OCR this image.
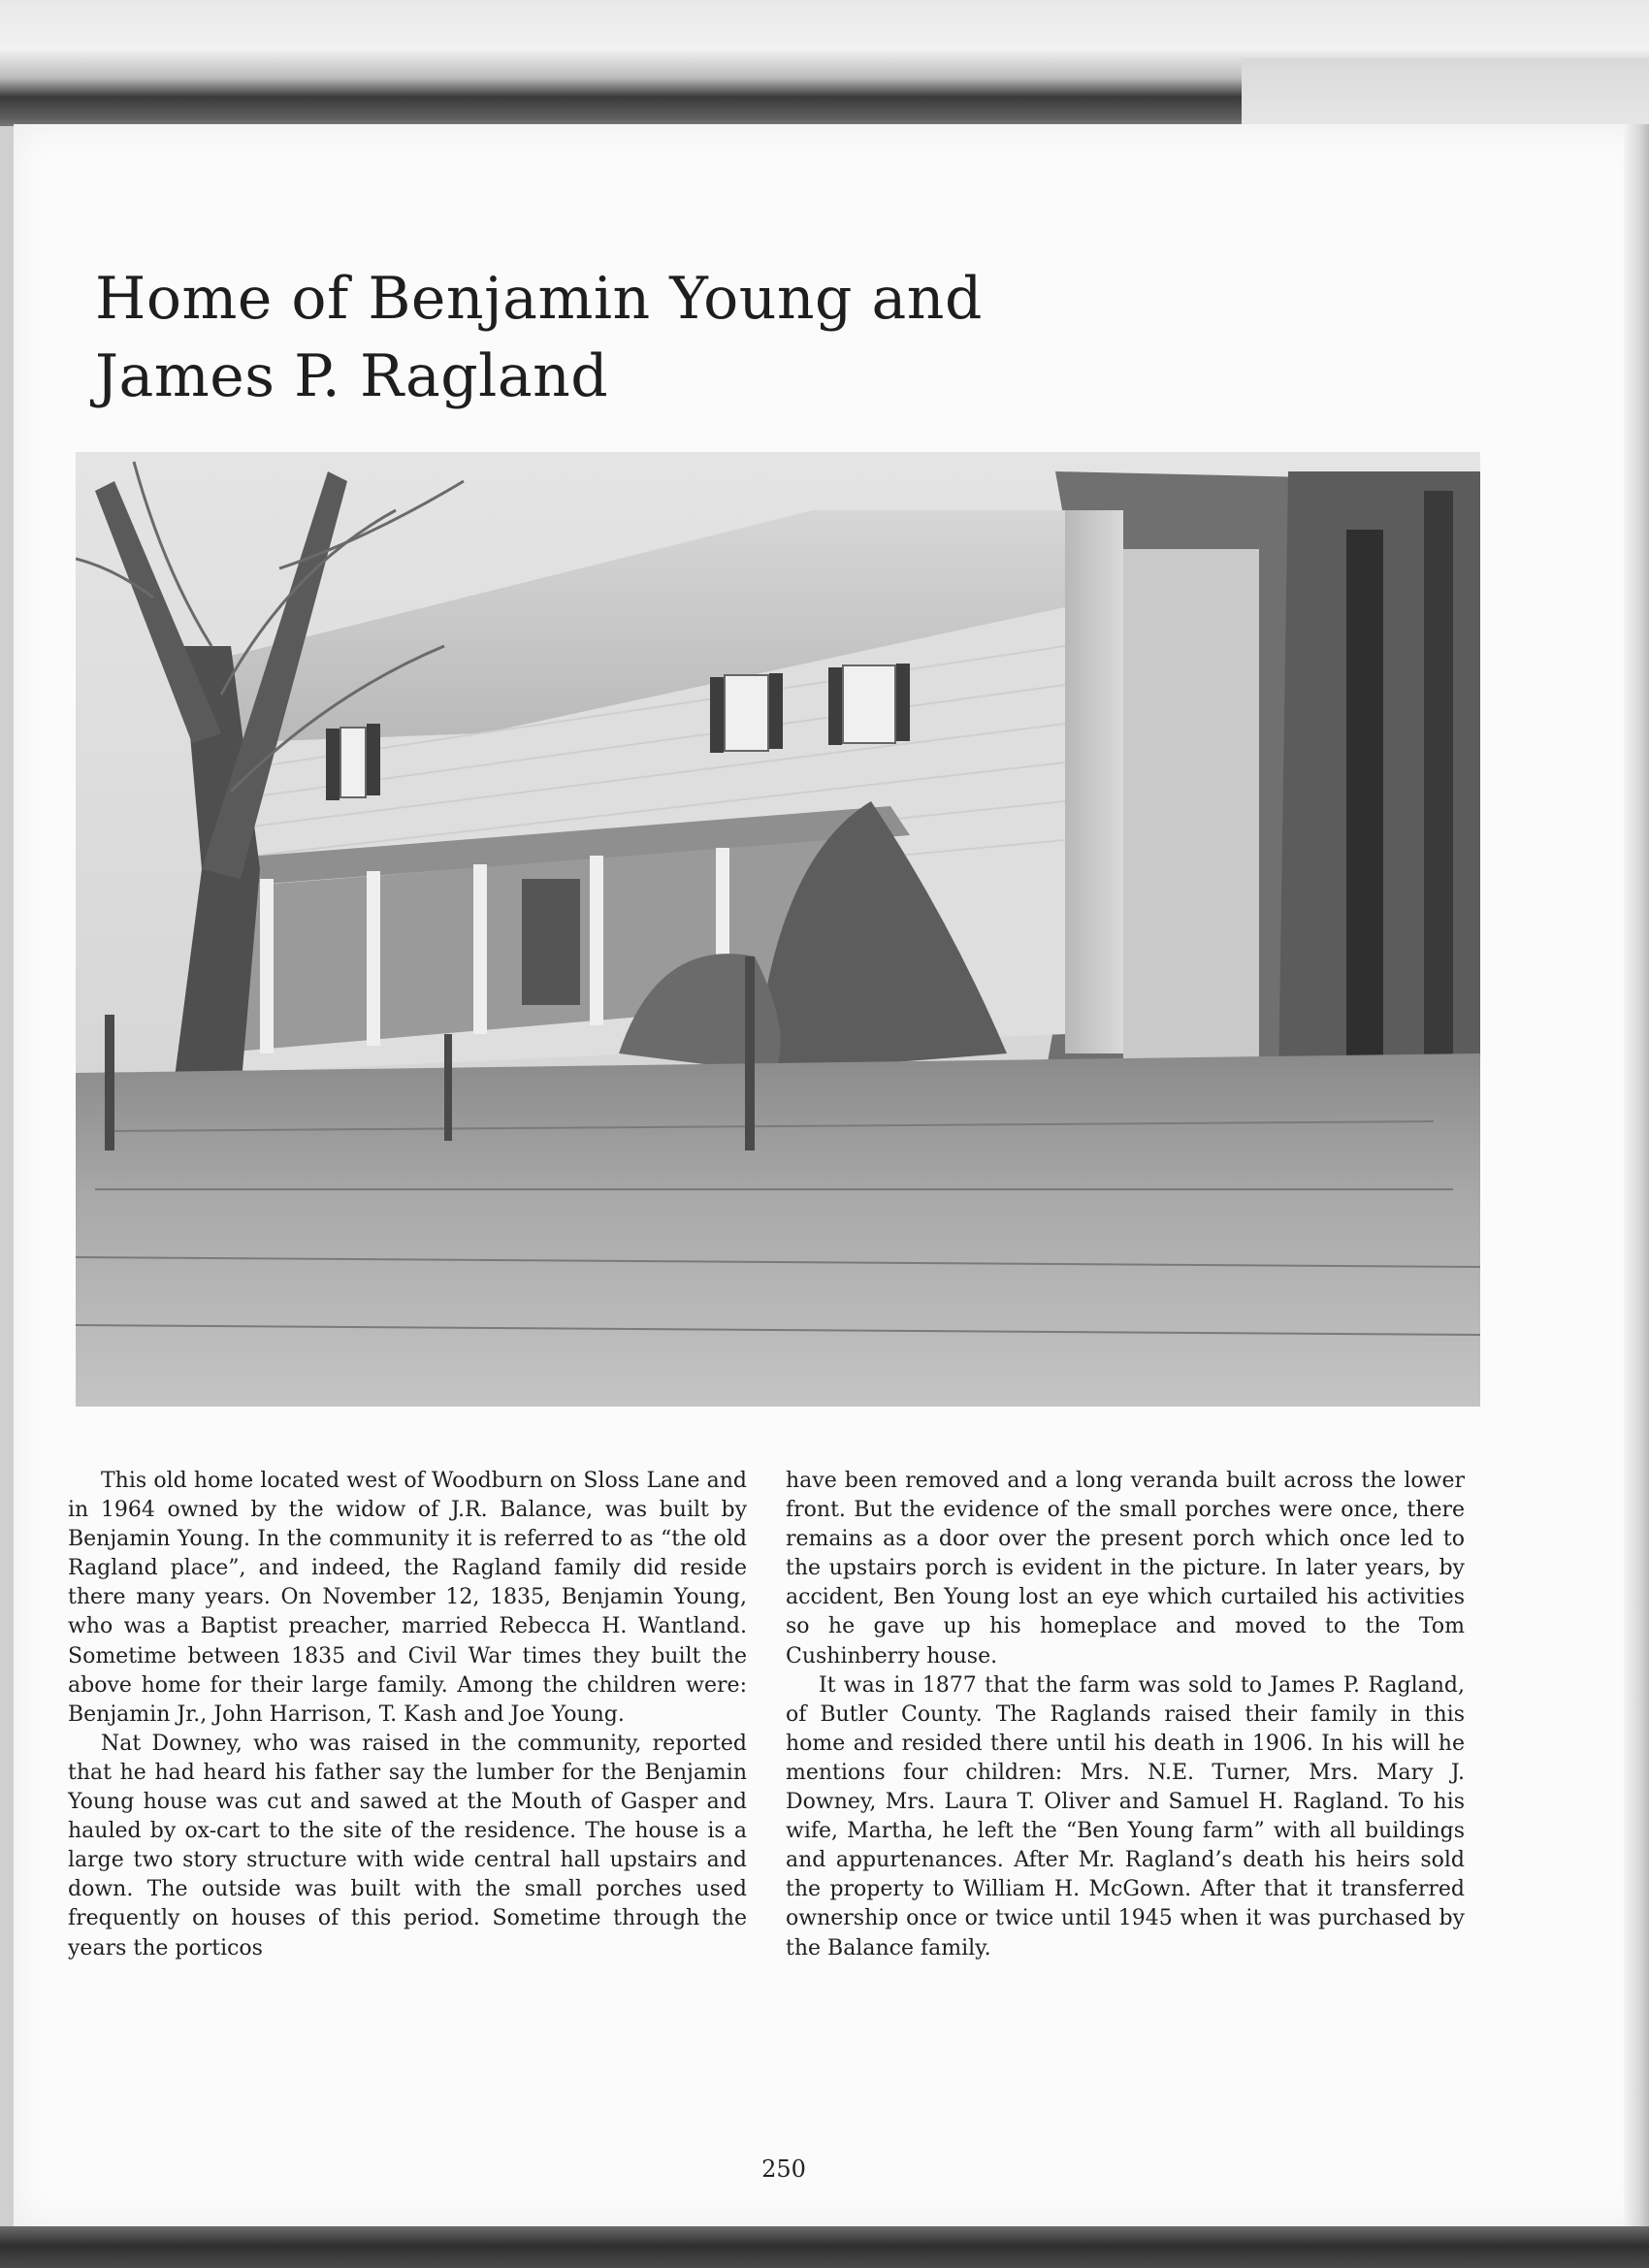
Home of Benjamin Young and
James P. Ragland

This old home located west of Woodburn on Sloss Lane and in 1964 owned by the widow of J.R. Balance, was built by Benjamin Young. In the community it is referred to as “the old Ragland place”, and indeed, the Ragland family did reside there many years. On November 12, 1835, Benjamin Young, who was a Baptist preacher, married Rebecca H. Wantland. Sometime between 1835 and Civil War times they built the above home for their large family. Among the children were: Benjamin Jr., John Harrison, T. Kash and Joe Young.

Nat Downey, who was raised in the community, reported that he had heard his father say the lumber for the Benjamin Young house was cut and sawed at the Mouth of Gasper and hauled by ox-cart to the site of the residence. The house is a large two story structure with wide central hall upstairs and down. The outside was built with the small porches used frequently on houses of this period. Sometime through the years the porticos

have been removed and a long veranda built across the lower front. But the evidence of the small porches were once, there remains as a door over the present porch which once led to the upstairs porch is evident in the picture. In later years, by accident, Ben Young lost an eye which curtailed his activities so he gave up his homeplace and moved to the Tom Cushinberry house.

It was in 1877 that the farm was sold to James P. Ragland, of Butler County. The Raglands raised their family in this home and resided there until his death in 1906. In his will he mentions four children: Mrs. N.E. Turner, Mrs. Mary J. Downey, Mrs. Laura T. Oliver and Samuel H. Ragland. To his wife, Martha, he left the “Ben Young farm” with all buildings and appurtenances. After Mr. Ragland’s death his heirs sold the property to William H. McGown. After that it transferred ownership once or twice until 1945 when it was purchased by the Balance family.

250
